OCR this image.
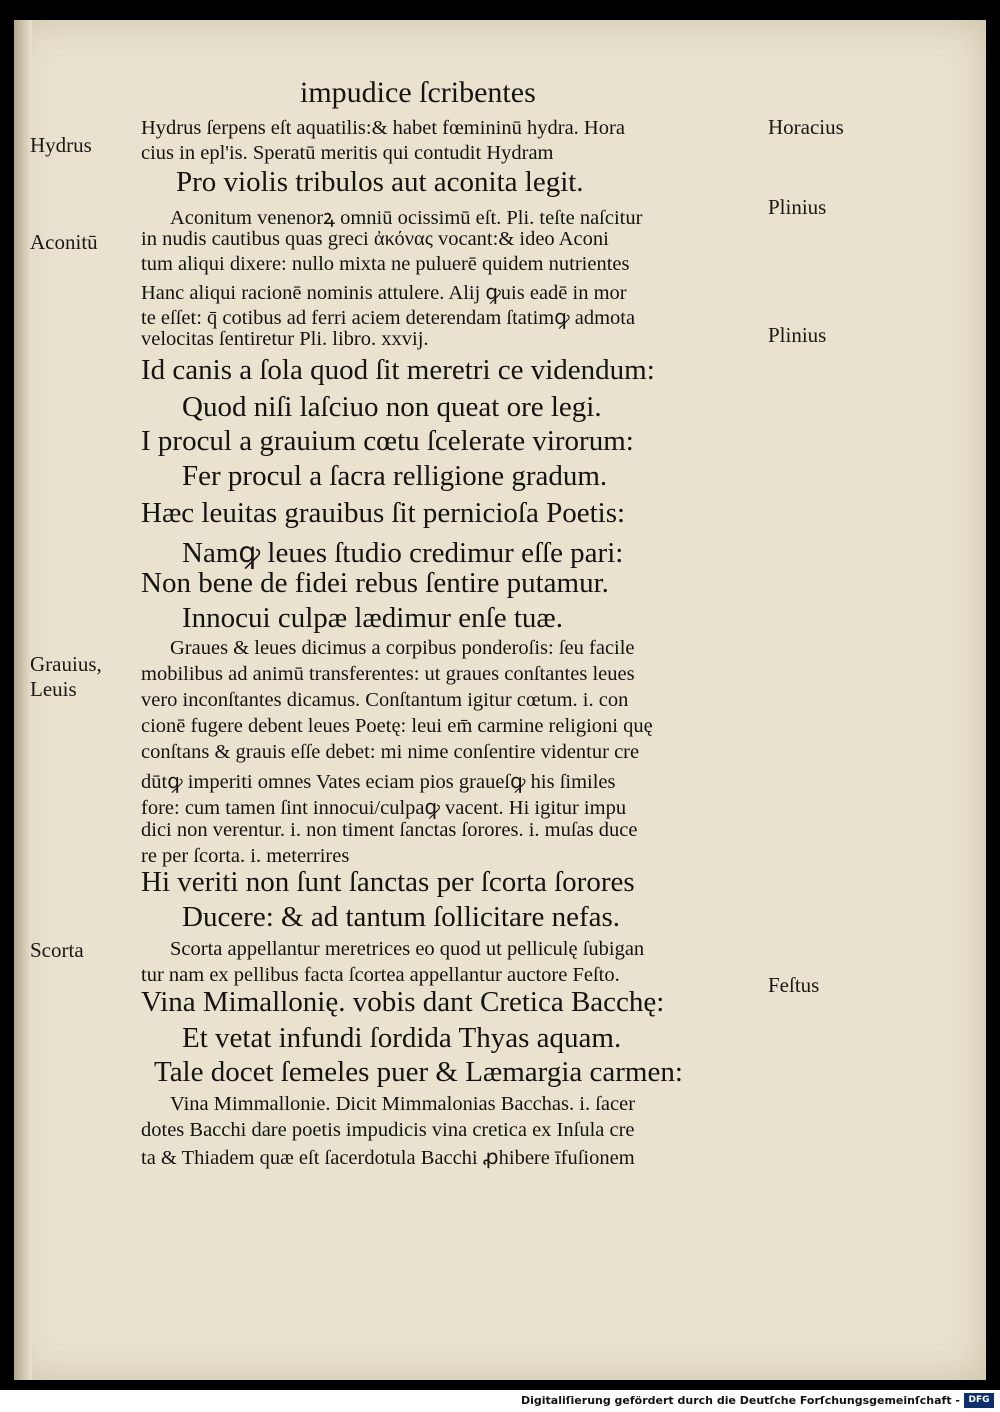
impudice ſcribentes
Hydrus
Aconitū
Grauius,
Leuis
Scorta
Horacius
Plinius
Plinius
Feſtus
Hydrus ſerpens eſt aquatilis:& habet fœmininū hydra. Hora
cius in epl'is. Speratū meritis qui contudit Hydram
Pro violis tribulos aut aconita legit.
Aconitum venenorꝝ omniū ocissimū eſt. Pli. teſte naſcitur
in nudis cautibus quas greci ἀκόνας vocant:& ideo Aconi
tum aliqui dixere: nullo mixta ne puluerē quidem nutrientes
Hanc aliqui racionē nominis attulere. Alij ꝙuis eadē in mor
te eſſet: q̄ cotibus ad ferri aciem deterendam ſtatimꝙ admota
velocitas ſentiretur Pli. libro. xxvij.
Id canis a ſola quod ſit meretri ce videndum:
Quod niſi laſciuo non queat ore legi.
I procul a grauium cœtu ſcelerate virorum:
Fer procul a ſacra relligione gradum.
Hæc leuitas grauibus ſit pernicioſa Poetis:
Namꝙ leues ſtudio credimur eſſe pari:
Non bene de fidei rebus ſentire putamur.
Innocui culpæ lædimur enſe tuæ.
Graues & leues dicimus a corpibus ponderoſis: ſeu facile
mobilibus ad animū transferentes: ut graues conſtantes leues
vero inconſtantes dicamus. Conſtantum igitur cœtum. i. con
cionē fugere debent leues Poetę: leui em̄ carmine religioni quę
conſtans & grauis eſſe debet: mi nime conſentire videntur cre
dūtꝙ imperiti omnes Vates eciam pios graueſꝙ his ſimiles
fore: cum tamen ſint innocui/culpaꝙ vacent. Hi igitur impu
dici non verentur. i. non timent ſanctas ſorores. i. muſas duce
re per ſcorta. i. meterrires
Hi veriti non ſunt ſanctas per ſcorta ſorores
Ducere: & ad tantum ſollicitare nefas.
Scorta appellantur meretrices eo quod ut pelliculę ſubigan
tur nam ex pellibus facta ſcortea appellantur auctore Feſto.
Vina Mimallonię. vobis dant Cretica Bacchę:
Et vetat infundi ſordida Thyas aquam.
Tale docet ſemeles puer & Læmargia carmen:
Vina Mimmallonie. Dicit Mimmalonias Bacchas. i. ſacer
dotes Bacchi dare poetis impudicis vina cretica ex Inſula cre
ta & Thiadem quæ eſt ſacerdotula Bacchi ꝓhibere īfuſionem
Digitaliſierung gefördert durch die Deutſche Forſchungsgemeinſchaft - DFG
